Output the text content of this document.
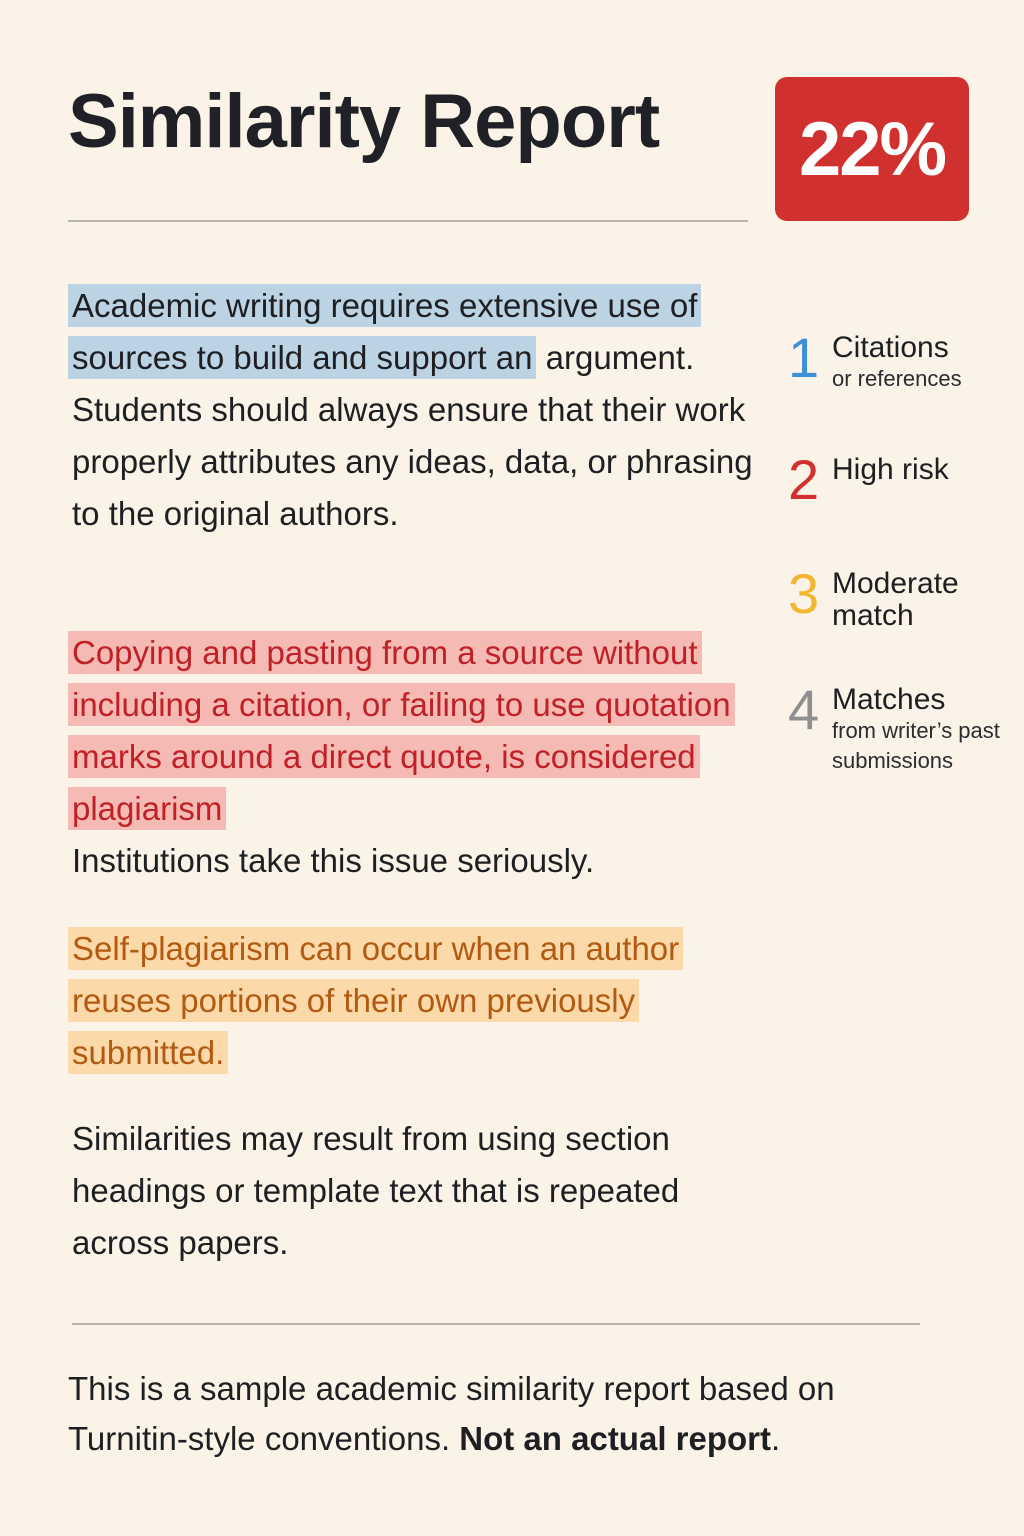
Similarity Report	22%
Academic writing requires extensive use of sources to build and support an argument. Students should always ensure that their work properly attributes any ideas, data, or phrasing to the original authors.
Copying and pasting from a source without including a citation, or failing to use quotation marks around a direct quote, is considered plagiarism
Institutions take this issue seriously.
Self-plagiarism can occur when an author reuses portions of their own previously submitted.
Similarities may result from using section headings or template text that is repeated across papers.
1 Citations
or references
2 High risk
3 Moderate match
4 Matches
from writer’s past submissions
This is a sample academic similarity report based on Turnitin-style conventions. Not an actual report.
